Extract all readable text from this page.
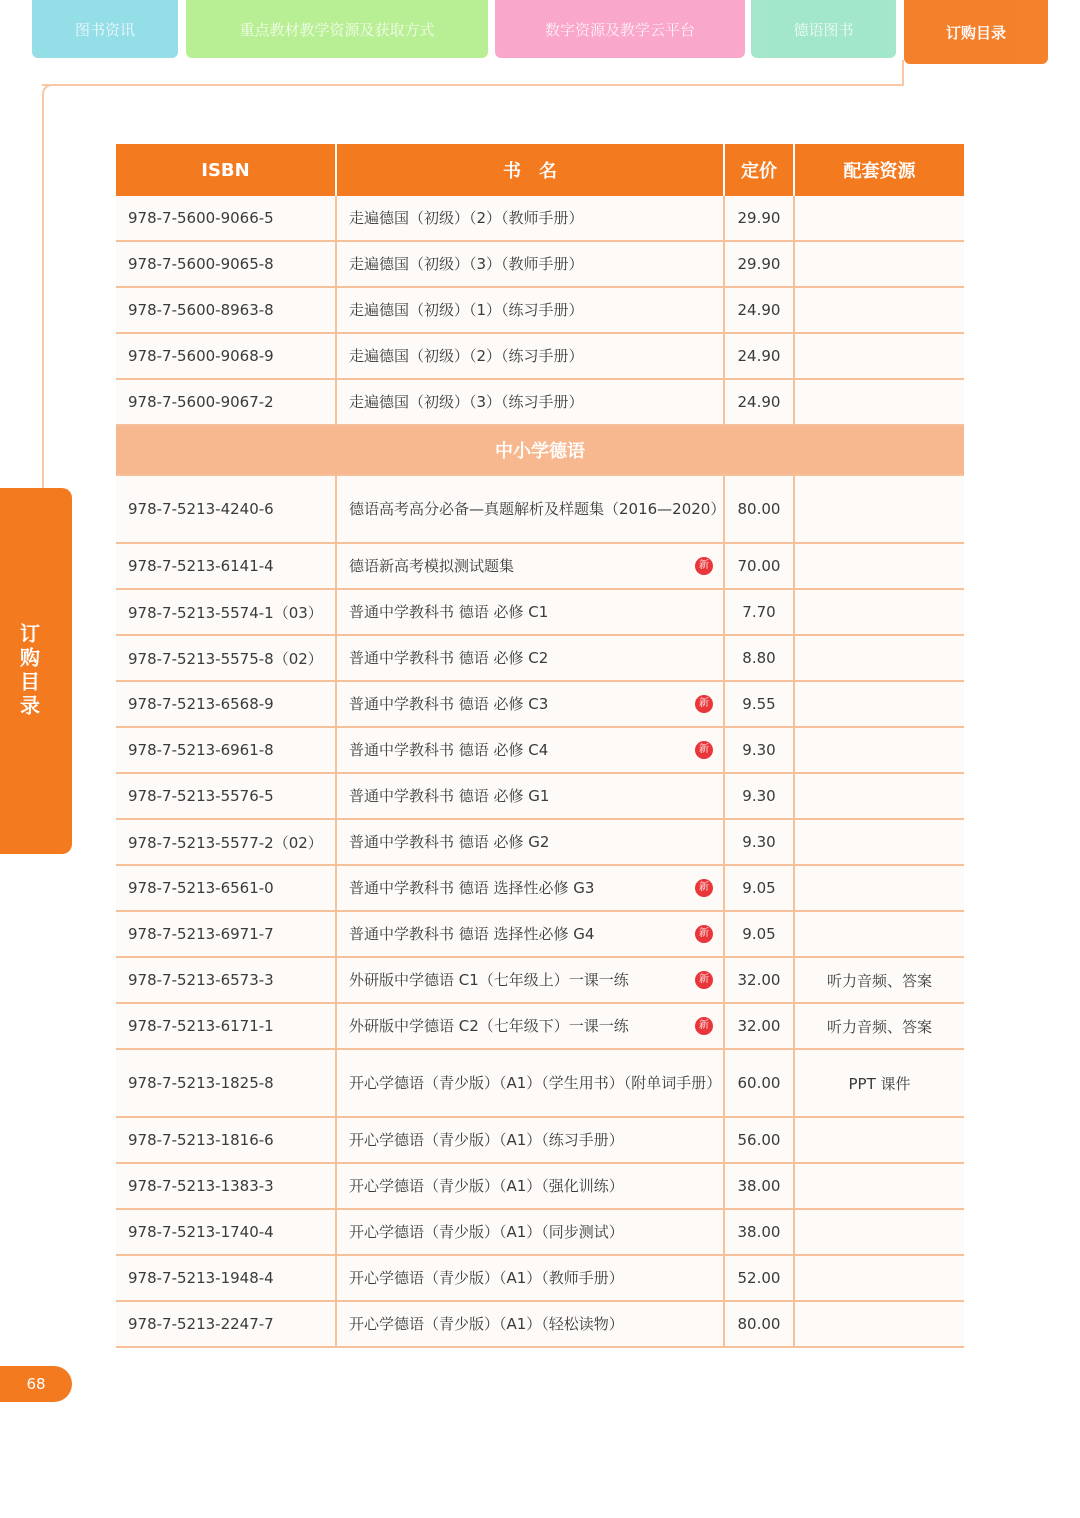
图书资讯	重点教材教学资源及获取方式	数字资源及教学云平台	德语图书	订购目录
订购目录
68
ISBN	书　名	定价	配套资源
978-7-5600-9066-5	走遍德国（初级）（2）（教师手册）	29.90	
978-7-5600-9065-8	走遍德国（初级）（3）（教师手册）	29.90	
978-7-5600-8963-8	走遍德国（初级）（1）（练习手册）	24.90	
978-7-5600-9068-9	走遍德国（初级）（2）（练习手册）	24.90	
978-7-5600-9067-2	走遍德国（初级）（3）（练习手册）	24.90	
中小学德语			
978-7-5213-4240-6	德语高考高分必备—真题解析及样题集（2016—2020）	80.00	
978-7-5213-6141-4	德语新高考模拟测试题集 新	70.00	
978-7-5213-5574-1（03）	普通中学教科书 德语 必修 C1	7.70	
978-7-5213-5575-8（02）	普通中学教科书 德语 必修 C2	8.80	
978-7-5213-6568-9	普通中学教科书 德语 必修 C3 新	9.55	
978-7-5213-6961-8	普通中学教科书 德语 必修 C4 新	9.30	
978-7-5213-5576-5	普通中学教科书 德语 必修 G1	9.30	
978-7-5213-5577-2（02）	普通中学教科书 德语 必修 G2	9.30	
978-7-5213-6561-0	普通中学教科书 德语 选择性必修 G3 新	9.05	
978-7-5213-6971-7	普通中学教科书 德语 选择性必修 G4 新	9.05	
978-7-5213-6573-3	外研版中学德语 C1（七年级上）一课一练 新	32.00	听力音频、答案
978-7-5213-6171-1	外研版中学德语 C2（七年级下）一课一练 新	32.00	听力音频、答案
978-7-5213-1825-8	开心学德语（青少版）（A1）（学生用书）（附单词手册）	60.00	PPT 课件
978-7-5213-1816-6	开心学德语（青少版）（A1）（练习手册）	56.00	
978-7-5213-1383-3	开心学德语（青少版）（A1）（强化训练）	38.00	
978-7-5213-1740-4	开心学德语（青少版）（A1）（同步测试）	38.00	
978-7-5213-1948-4	开心学德语（青少版）（A1）（教师手册）	52.00	
978-7-5213-2247-7	开心学德语（青少版）（A1）（轻松读物）	80.00	
